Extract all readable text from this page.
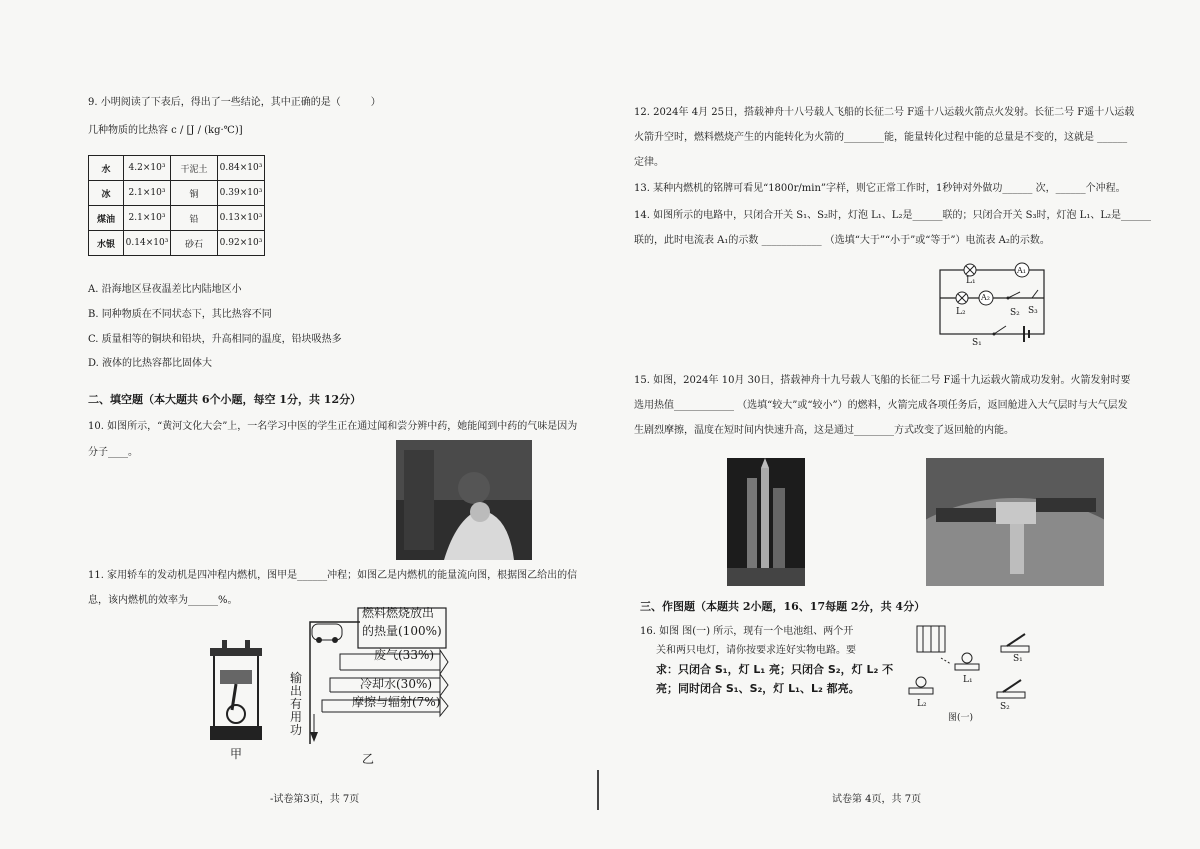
9. 小明阅读了下表后，得出了一些结论，其中正确的是（　　　）
几种物质的比热容 c / [J / (kg·℃)]
水	4.2×10³	干泥土	0.84×10³
冰	2.1×10³	铜	0.39×10³
煤油	2.1×10³	铅	0.13×10³
水银	0.14×10³	砂石	0.92×10³
A. 沿海地区昼夜温差比内陆地区小
B. 同种物质在不同状态下，其比热容不同
C. 质量相等的铜块和铅块，升高相同的温度，铅块吸热多
D. 液体的比热容都比固体大
二、填空题（本大题共 6个小题，每空 1分，共 12分）
10. 如图所示，“黄河文化大会”上，一名学习中医的学生正在通过闻和尝分辨中药，她能闻到中药的气味是因为
分子____。
11. 家用轿车的发动机是四冲程内燃机，图甲是______冲程；如图乙是内燃机的能量流向图，根据图乙给出的信
息，该内燃机的效率为______%。
甲
燃料燃烧放出
的热量(100%)
废气(33%)
冷却水(30%)
摩擦与辐射(7%)
输出有用功
乙
-试卷第3页，共 7页
12. 2024年 4月 25日，搭载神舟十八号载人飞船的长征二号 F遥十八运载火箭点火发射。长征二号 F遥十八运载
火箭升空时，燃料燃烧产生的内能转化为火箭的________能，能量转化过程中能的总量是不变的，这就是 ______
定律。
13. 某种内燃机的铭牌可看见“1800r/min”字样，则它正常工作时，1秒钟对外做功______ 次，______个冲程。
14. 如图所示的电路中，只闭合开关 S₁、S₂时，灯泡 L₁、L₂是______联的；只闭合开关 S₃时，灯泡 L₁、L₂是______
联的，此时电流表 A₁的示数 ____________ （选填“大于”“小于”或“等于”）电流表 A₂的示数。
L₁
L₂
A₁
A₂
S₁
S₂ S₃
15. 如图，2024年 10月 30日，搭载神舟十九号载人飞船的长征二号 F遥十九运载火箭成功发射。火箭发射时要
选用热值____________ （选填“较大”或“较小”）的燃料，火箭完成各项任务后，返回舱进入大气层时与大气层发
生剧烈摩擦，温度在短时间内快速升高，这是通过________方式改变了返回舱的内能。
三、作图题（本题共 2小题，16、17每题 2分，共 4分）
16. 如图 图(一) 所示，现有一个电池组、两个开
关和两只电灯，请你按要求连好实物电路。要
求：只闭合 S₁，灯 L₁ 亮；只闭合 S₂，灯 L₂ 不
亮；同时闭合 S₁、S₂，灯 L₁、L₂ 都亮。
S₁
L₁
L₂	S₂
图(一)
试卷第 4页，共 7页
